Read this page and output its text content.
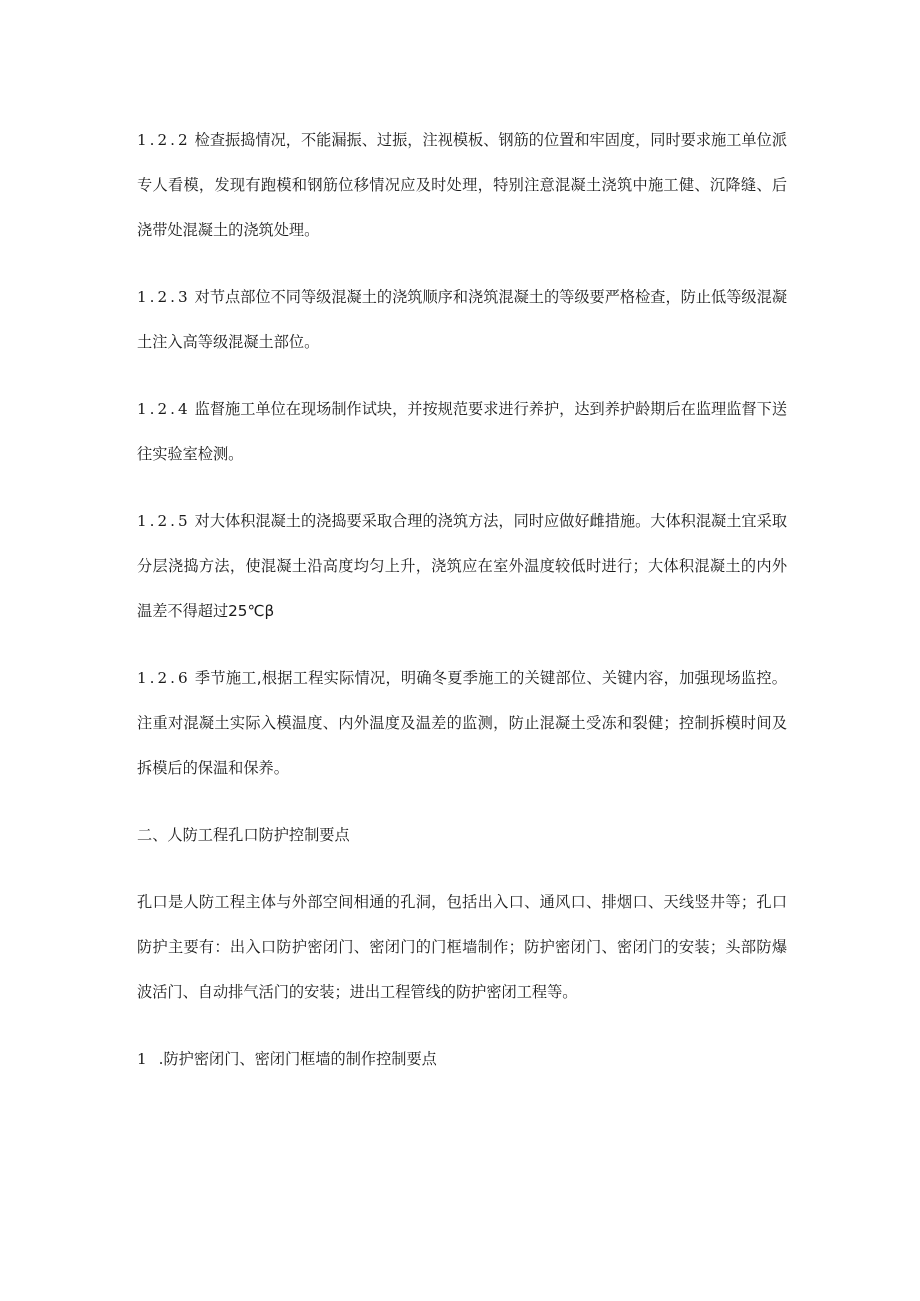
1.2.2 检查振捣情况，不能漏振、过振，注视模板、钢筋的位置和牢固度，同时要求施工单位派专人看模，发现有跑模和钢筋位移情况应及时处理，特别注意混凝土浇筑中施工健、沉降缝、后浇带处混凝土的浇筑处理。

1.2.3 对节点部位不同等级混凝土的浇筑顺序和浇筑混凝土的等级要严格检查，防止低等级混凝土注入高等级混凝土部位。

1.2.4 监督施工单位在现场制作试块，并按规范要求进行养护，达到养护龄期后在监理监督下送往实验室检测。

1.2.5 对大体积混凝土的浇捣要采取合理的浇筑方法，同时应做好雌措施。大体积混凝土宜采取分层浇捣方法，使混凝土沿高度均匀上升，浇筑应在室外温度较低时进行；大体积混凝土的内外温差不得超过25℃β

1.2.6 季节施工,根据工程实际情况，明确冬夏季施工的关键部位、关键内容，加强现场监控。注重对混凝土实际入模温度、内外温度及温差的监测，防止混凝土受冻和裂健；控制拆模时间及拆模后的保温和保养。

二、人防工程孔口防护控制要点

孔口是人防工程主体与外部空间相通的孔洞，包括出入口、通风口、排烟口、天线竖井等；孔口防护主要有：出入口防护密闭门、密闭门的门框墙制作；防护密闭门、密闭门的安装；头部防爆波活门、自动排气活门的安装；进出工程管线的防护密闭工程等。

1 .防护密闭门、密闭门框墙的制作控制要点
